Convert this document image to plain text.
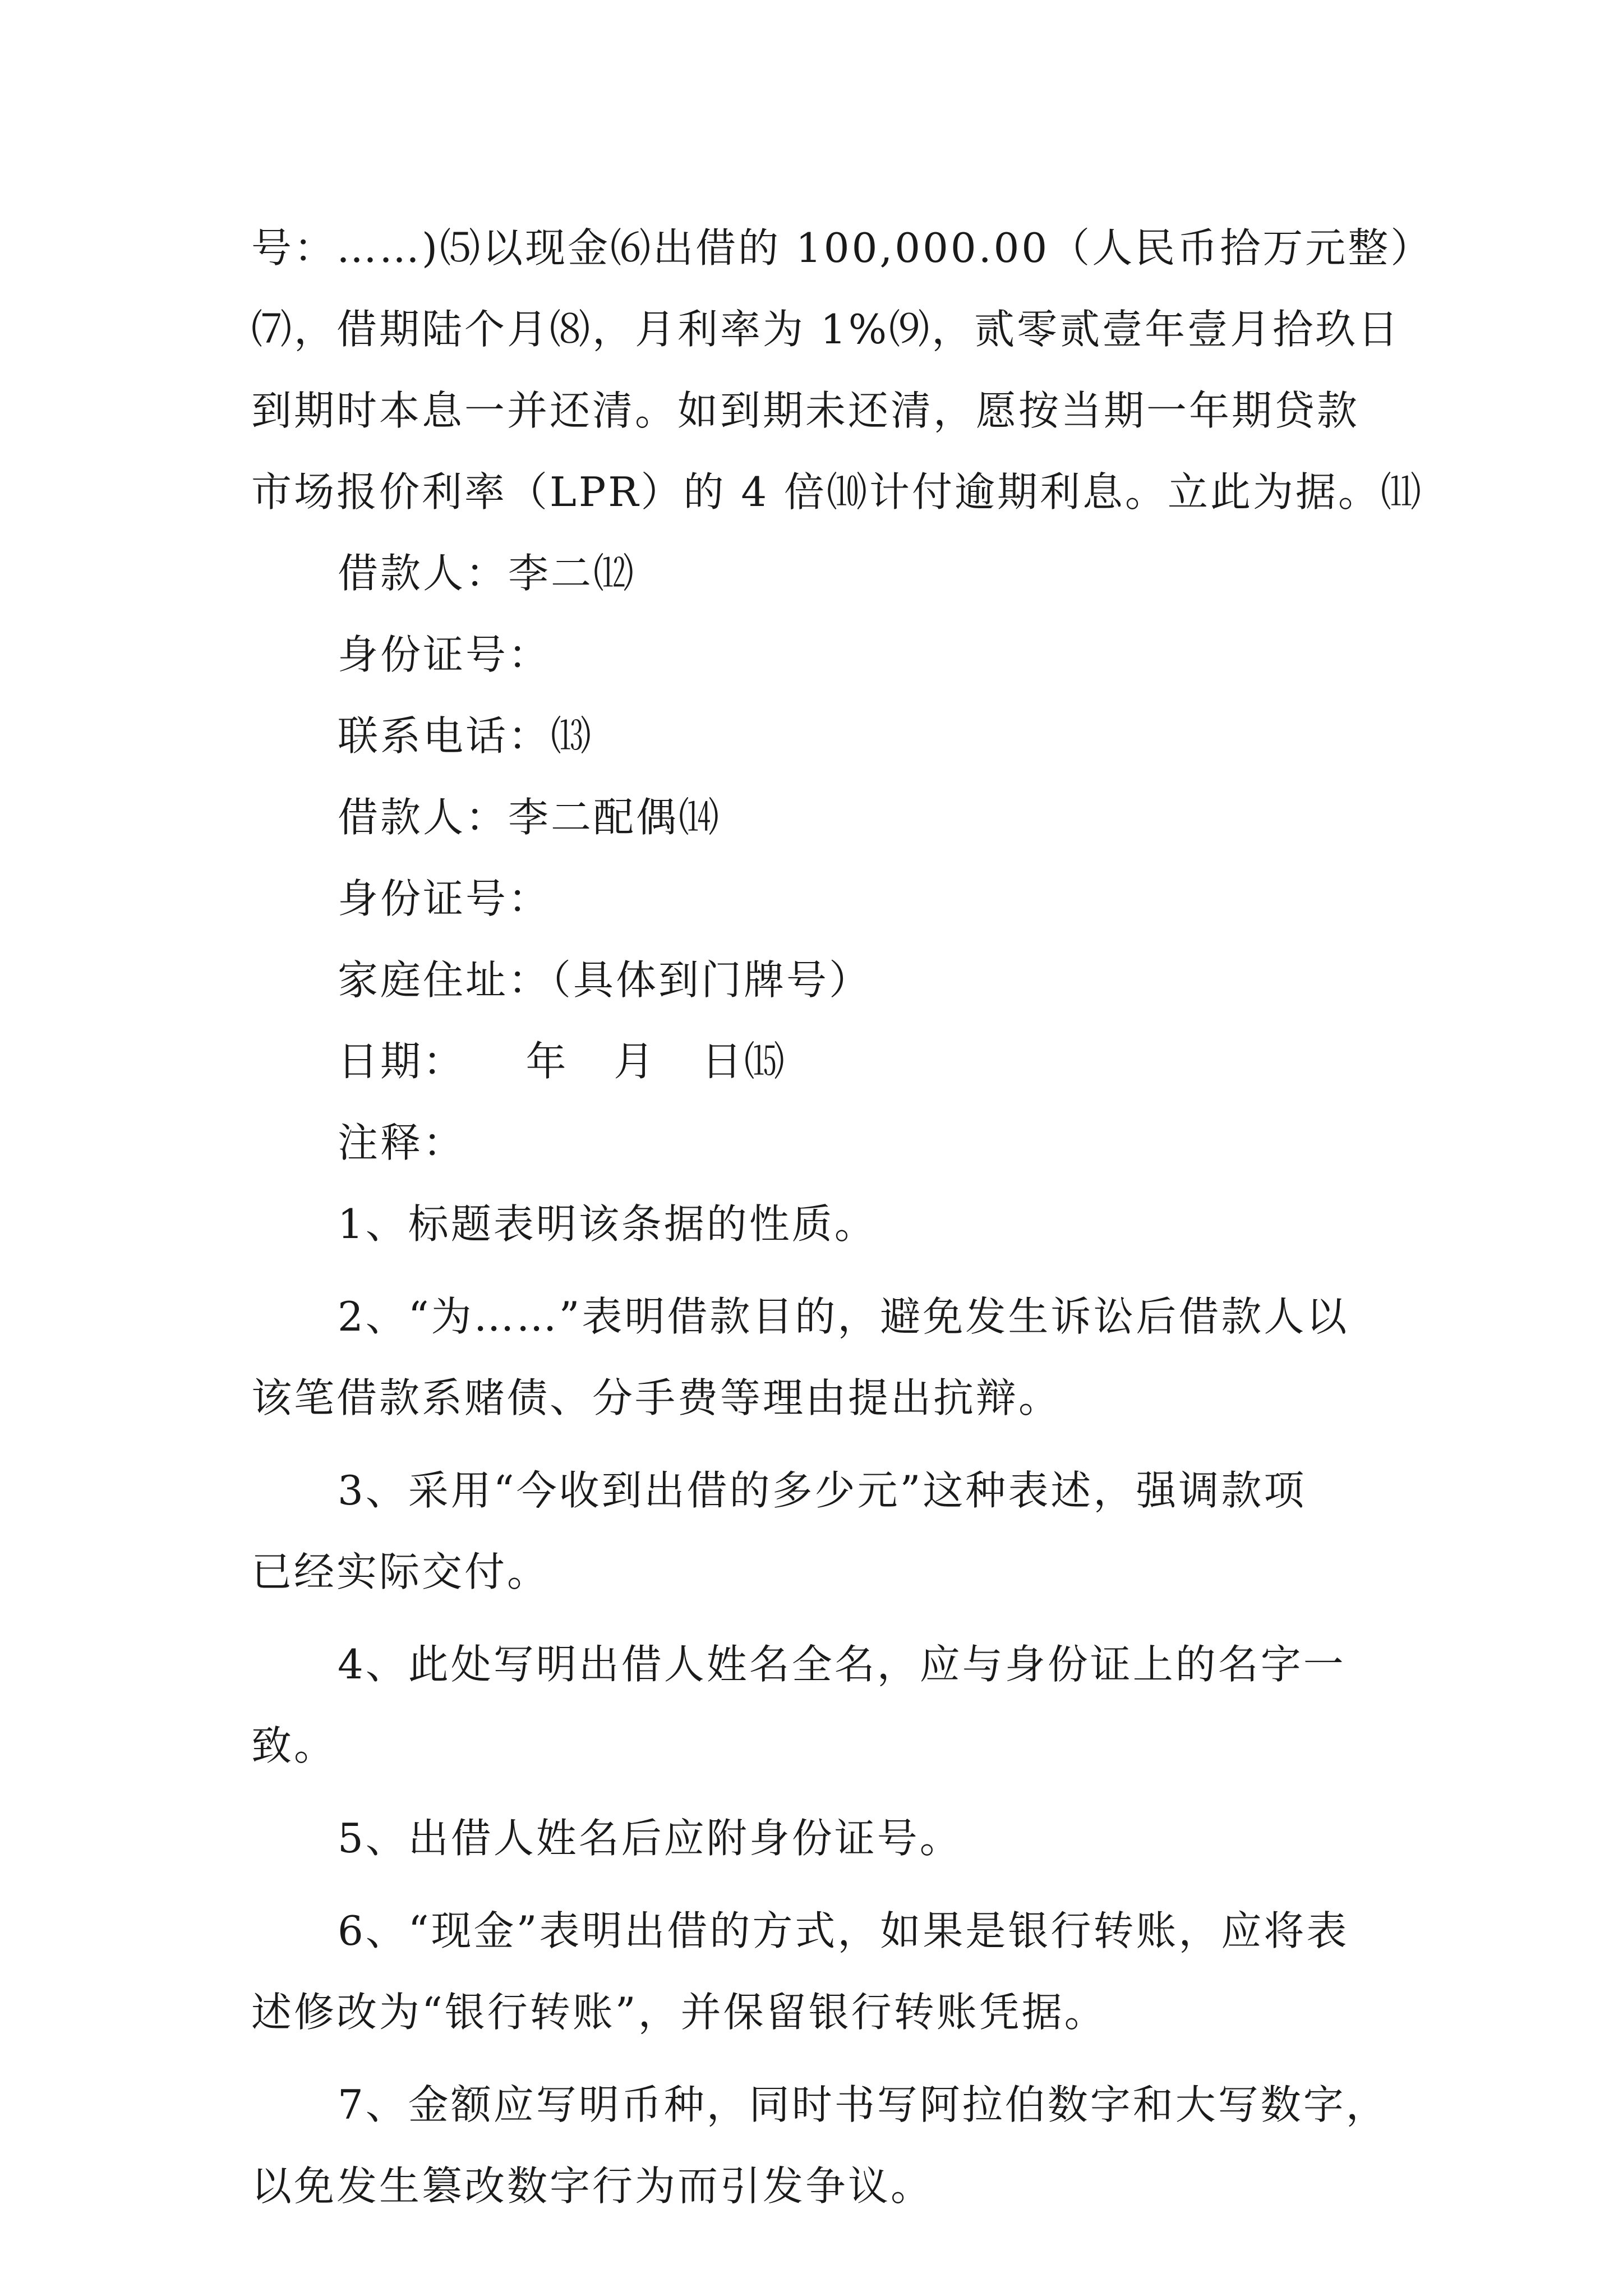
号：……)⑸以现金⑹出借的 100,000.00（人民币拾万元整）
⑺，借期陆个月⑻，月利率为 1%⑼，贰零贰壹年壹月拾玖日
到期时本息一并还清。如到期未还清，愿按当期一年期贷款
市场报价利率（LPR）的 4 倍⑽计付逾期利息。立此为据。⑾
借款人：李二⑿
身份证号：
联系电话：⒀
借款人：李二配偶⒁
身份证号：
家庭住址：（具体到门牌号）
日期：    年   月   日⒂
注释：
1、标题表明该条据的性质。
2、“为……”表明借款目的，避免发生诉讼后借款人以
该笔借款系赌债、分手费等理由提出抗辩。
3、采用“今收到出借的多少元”这种表述，强调款项
已经实际交付。
4、此处写明出借人姓名全名，应与身份证上的名字一
致。
5、出借人姓名后应附身份证号。
6、“现金”表明出借的方式，如果是银行转账，应将表
述修改为“银行转账”，并保留银行转账凭据。
7、金额应写明币种，同时书写阿拉伯数字和大写数字，
以免发生篡改数字行为而引发争议。
